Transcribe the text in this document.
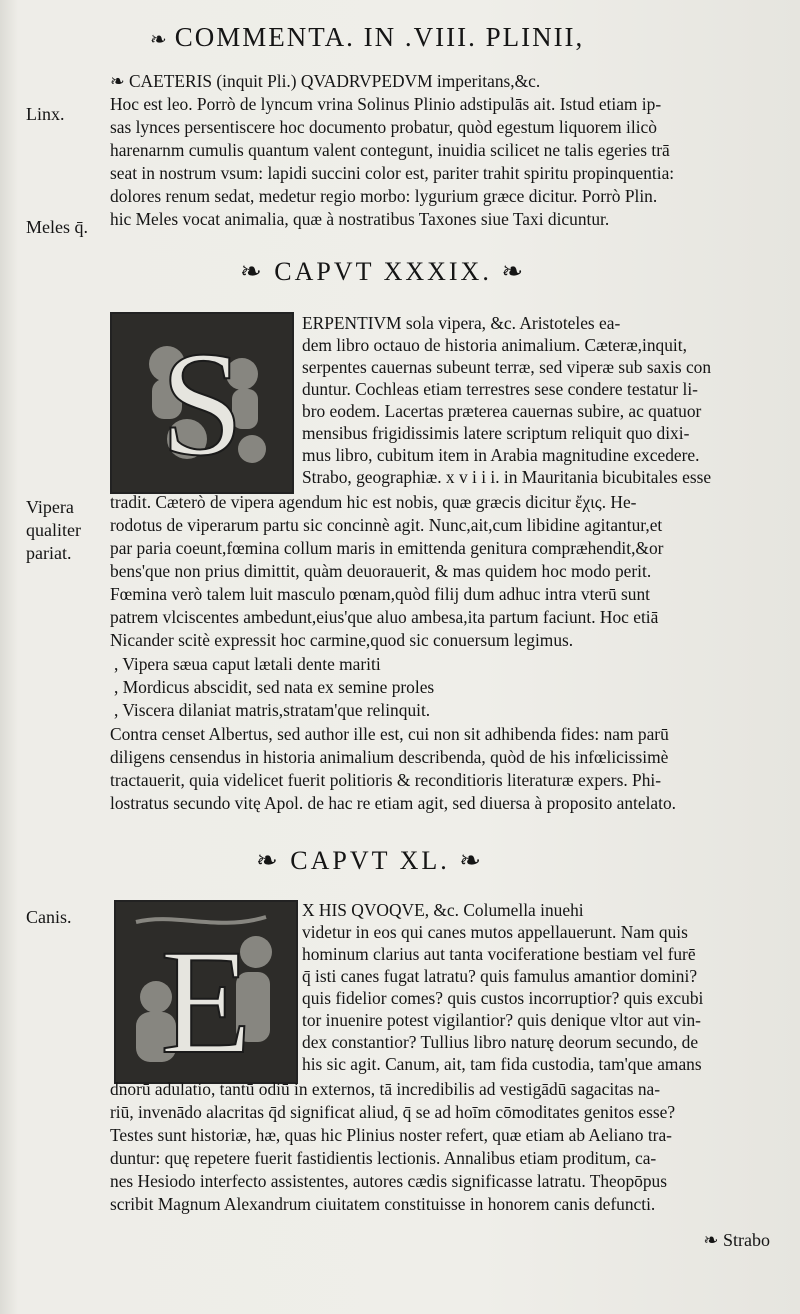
❧ COMMENTA. IN .VIII. PLINII,
Linx.
Meles q̄.
Vipera
qualiter
pariat.
Canis.
❧ CAETERIS (inquit Pli.) QVADRVPEDVM imperitans,&c.
Hoc est leo. Porrò de lyncum vrina Solinus Plinio adstipulās ait. Istud etiam ip-
sas lynces persentiscere hoc documento probatur, quòd egestum liquorem ilicò
harenarnm cumulis quantum valent contegunt, inuidia scilicet ne talis egeries trā
seat in nostrum vsum: lapidi succini color est, pariter trahit spiritu propinquentia:
dolores renum sedat, medetur regio morbo: lygurium græce dicitur. Porrò Plin.
hic Meles vocat animalia, quæ à nostratibus Taxones siue Taxi dicuntur.
❧ CAPVT XXXIX. ❧
S	ERPENTIVM sola vipera, &c. Aristoteles ea-
dem libro octauo de historia animalium. Cæteræ,inquit,
serpentes cauernas subeunt terræ, sed viperæ sub saxis con
duntur. Cochleas etiam terrestres sese condere testatur li-
bro eodem. Lacertas præterea cauernas subire, ac quatuor
mensibus frigidissimis latere scriptum reliquit quo dixi-
mus libro, cubitum item in Arabia magnitudine excedere.
Strabo, geographiæ. x v i i i. in Mauritania bicubitales esse
tradit. Cæterò de vipera agendum hic est nobis, quæ græcis dicitur ἔχις. He-
rodotus de viperarum partu sic concinnè agit. Nunc,ait,cum libidine agitantur,et
par paria coeunt,fœmina collum maris in emittenda genitura compræhendit,&or
bens'que non prius dimittit, quàm deuorauerit, & mas quidem hoc modo perit.
Fœmina verò talem luit masculo pœnam,quòd filij dum adhuc intra vterū sunt
patrem vlciscentes ambedunt,eius'que aluo ambesa,ita partum faciunt. Hoc etiā
Nicander scitè expressit hoc carmine,quod sic conuersum legimus.
, Vipera sæua caput lætali dente mariti
, Mordicus abscidit, sed nata ex semine proles
, Viscera dilaniat matris,stratam'que relinquit.
Contra censet Albertus, sed author ille est, cui non sit adhibenda fides: nam parū
diligens censendus in historia animalium describenda, quòd de his infœlicissimè
tractauerit, quia videlicet fuerit politioris & reconditioris literaturæ expers. Phi-
lostratus secundo vitę Apol. de hac re etiam agit, sed diuersa à proposito antelato.
❧ CAPVT XL. ❧
E
X HIS QVOQVE, &c. Columella inuehi
videtur in eos qui canes mutos appellauerunt. Nam quis
hominum clarius aut tanta vociferatione bestiam vel furē
q̄ isti canes fugat latratu? quis famulus amantior domini?
quis fidelior comes? quis custos incorruptior? quis excubi
tor inuenire potest vigilantior? quis denique vltor aut vin-
dex constantior? Tullius libro naturę deorum secundo, de
his sic agit. Canum, ait, tam fida custodia, tam'que amans
dnorū adulatio, tantū odiū in externos, tā incredibilis ad vestigādū sagacitas na-
riū, invenādo alacritas q̄d significat aliud, q̄ se ad hoīm cōmoditates genitos esse?
Testes sunt historiæ, hæ, quas hic Plinius noster refert, quæ etiam ab Aeliano tra-
duntur: quę repetere fuerit fastidientis lectionis. Annalibus etiam proditum, ca-
nes Hesiodo interfecto assistentes, autores cædis significasse latratu. Theopōpus
scribit Magnum Alexandrum ciuitatem constituisse in honorem canis defuncti.
❧ Strabo
